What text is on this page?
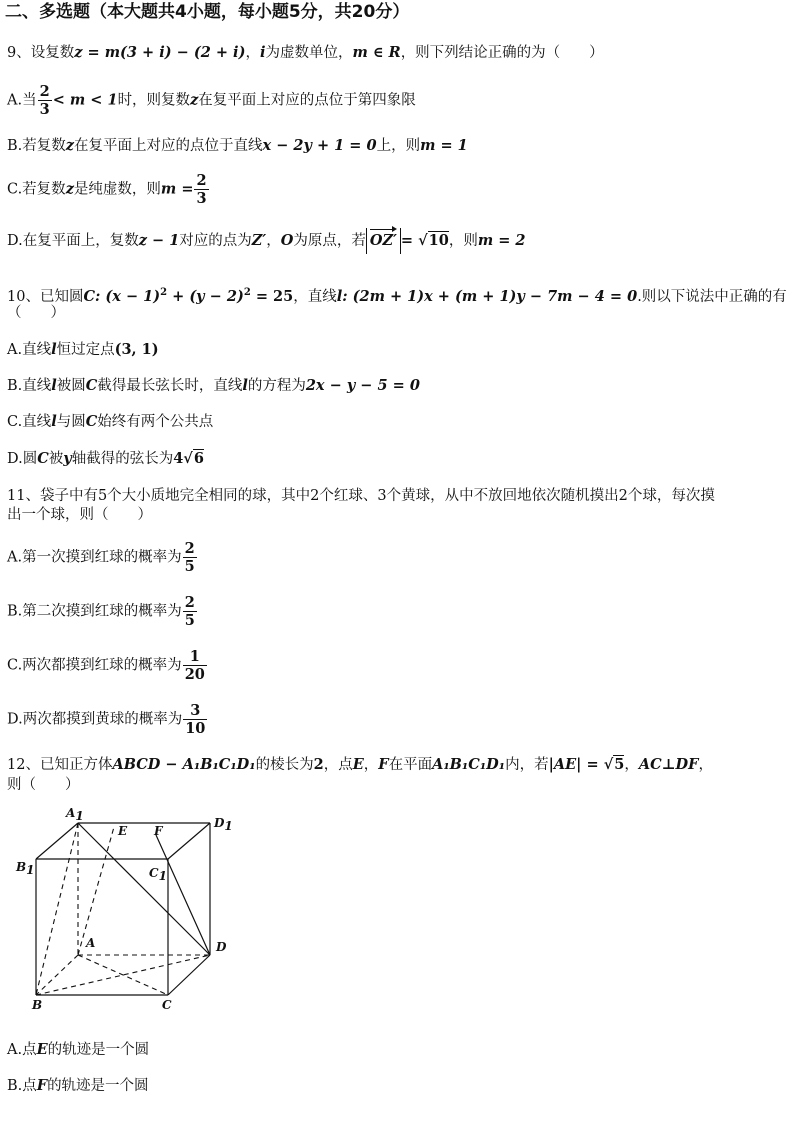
二、多选题（本大题共4小题，每小题5分，共20分）
9、设复数z = m(3 + i) − (2 + i)，i为虚数单位，m ∈ R，则下列结论正确的为（　　）
A.当 $\frac{2}{3} < m < 1$时，则复数z在复平面上对应的点位于第四象限
B.若复数z在复平面上对应的点位于直线x − 2y + 1 = 0上，则m = 1
C.若复数z是纯虚数，则$m = \frac{2}{3}$
D.在复平面上，复数z − 1对应的点为Z′，O为原点，若 OZ′ = √10，则m = 2
10、已知圆C: $(x - 1)^2 + (y - 2)^2 = 25$，直线l: (2m + 1)x + (m + 1)y − 7m − 4 = 0.则以下说法中正确的有
（　　）
A.直线l恒过定点(3, 1)
B.直线l被圆C截得最长弦长时，直线l的方程为2x − y − 5 = 0
C.直线l与圆C始终有两个公共点
D.圆C被y轴截得的弦长为4√6
11、袋子中有5个大小质地完全相同的球，其中2个红球、3个黄球，从中不放回地依次随机摸出2个球，每次摸
出一个球，则（　　）
A.第一次摸到红球的概率为 $\frac{2}{5}$
B.第二次摸到红球的概率为 $\frac{2}{5}$
C.两次都摸到红球的概率为 $\frac{1}{20}$
D.两次都摸到黄球的概率为 $\frac{3}{10}$
12、已知正方体ABCD − A₁B₁C₁D₁的棱长为2，点E，F在平面A₁B₁C₁D₁内，若|AE| = √5，AC⊥DF，
则（　　）
A1	D1
B1	C1
E F
A	D
B	C
A.点E的轨迹是一个圆
B.点F的轨迹是一个圆
